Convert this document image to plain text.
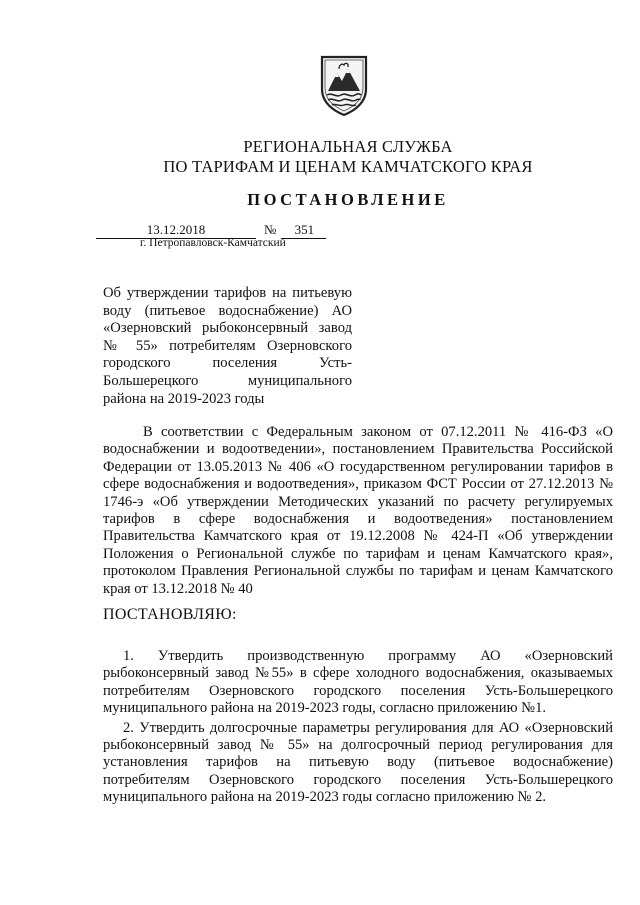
РЕГИОНАЛЬНАЯ СЛУЖБА
ПО ТАРИФАМ И ЦЕНАМ КАМЧАТСКОГО КРАЯ
ПОСТАНОВЛЕНИЕ
13.12.2018	№ 351
г. Петропавловск-Камчатский

Об утверждении тарифов на питьевую воду (питьевое водоснабжение) АО «Озерновский рыбоконсервный завод № 55» потребителям Озерновского городского поселения Усть-Большерецкого муниципального района на 2019-2023 годы

В соответствии с Федеральным законом от 07.12.2011 № 416-ФЗ «О водоснабжении и водоотведении», постановлением Правительства Российской Федерации от 13.05.2013 № 406 «О государственном регулировании тарифов в сфере водоснабжения и водоотведения», приказом ФСТ России от 27.12.2013 № 1746-э «Об утверждении Методических указаний по расчету регулируемых тарифов в сфере водоснабжения и водоотведения» постановлением Правительства Камчатского края от 19.12.2008 № 424-П «Об утверждении Положения о Региональной службе по тарифам и ценам Камчатского края», протоколом Правления Региональной службы по тарифам и ценам Камчатского края от 13.12.2018 № 40

ПОСТАНОВЛЯЮ:

1. Утвердить производственную программу АО «Озерновский рыбоконсервный завод №55» в сфере холодного водоснабжения, оказываемых потребителям Озерновского городского поселения Усть-Большерецкого муниципального района на 2019-2023 годы, согласно приложению №1.

2. Утвердить долгосрочные параметры регулирования для АО «Озерновский рыбоконсервный завод № 55» на долгосрочный период регулирования для установления тарифов на питьевую воду (питьевое водоснабжение) потребителям Озерновского городского поселения Усть-Большерецкого муниципального района на 2019-2023 годы согласно приложению № 2.
